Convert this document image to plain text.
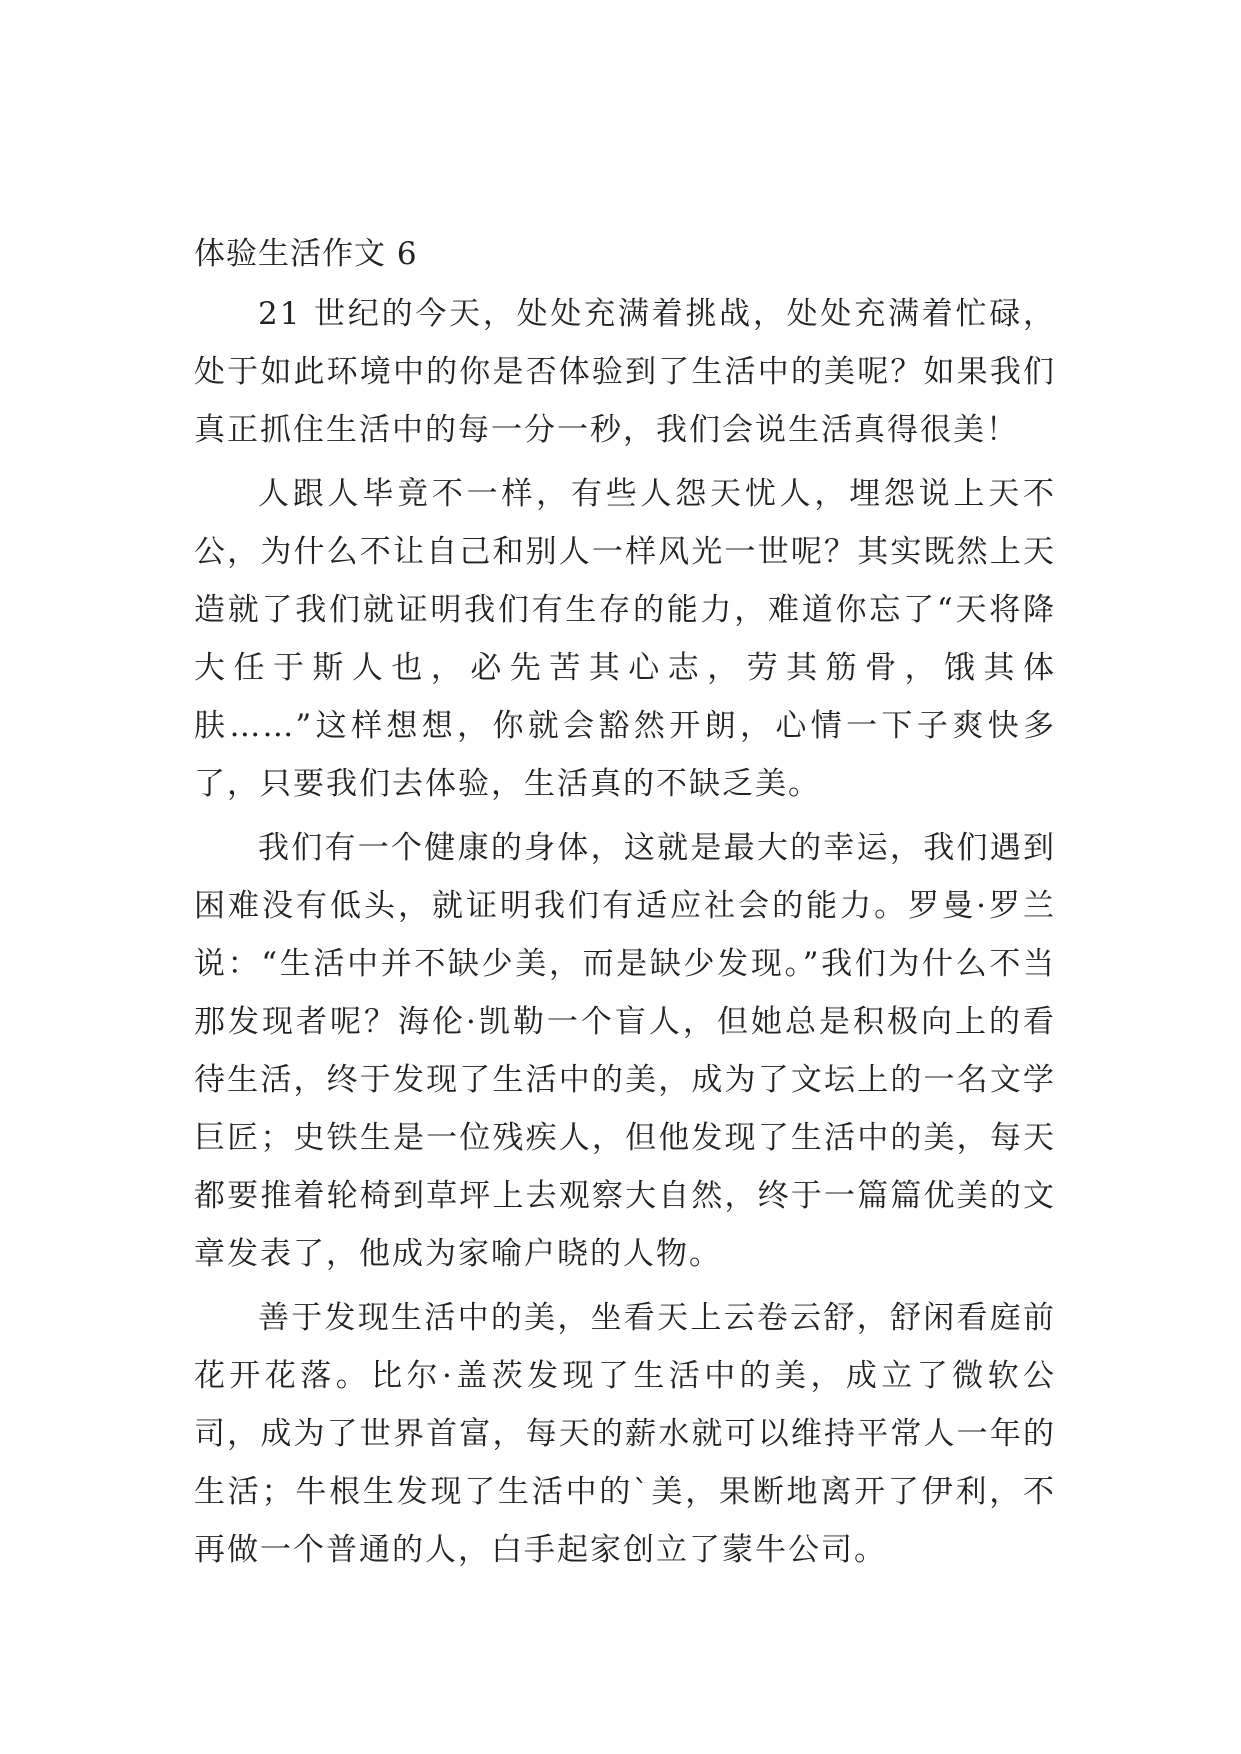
体验生活作文 6

21 世纪的今天，处处充满着挑战，处处充满着忙碌，处于如此环境中的你是否体验到了生活中的美呢？如果我们真正抓住生活中的每一分一秒，我们会说生活真得很美！

人跟人毕竟不一样，有些人怨天忧人，埋怨说上天不公，为什么不让自己和别人一样风光一世呢？其实既然上天造就了我们就证明我们有生存的能力，难道你忘了“天将降大任于斯人也，必先苦其心志，劳其筋骨，饿其体肤……”这样想想，你就会豁然开朗，心情一下子爽快多了，只要我们去体验，生活真的不缺乏美。

我们有一个健康的身体，这就是最大的幸运，我们遇到困难没有低头，就证明我们有适应社会的能力。罗曼·罗兰说：“生活中并不缺少美，而是缺少发现。”我们为什么不当那发现者呢？海伦·凯勒一个盲人，但她总是积极向上的看待生活，终于发现了生活中的美，成为了文坛上的一名文学巨匠；史铁生是一位残疾人，但他发现了生活中的美，每天都要推着轮椅到草坪上去观察大自然，终于一篇篇优美的文章发表了，他成为家喻户晓的人物。

善于发现生活中的美，坐看天上云卷云舒，舒闲看庭前花开花落。比尔·盖茨发现了生活中的美，成立了微软公司，成为了世界首富，每天的薪水就可以维持平常人一年的生活；牛根生发现了生活中的`美，果断地离开了伊利，不再做一个普通的人，白手起家创立了蒙牛公司。
